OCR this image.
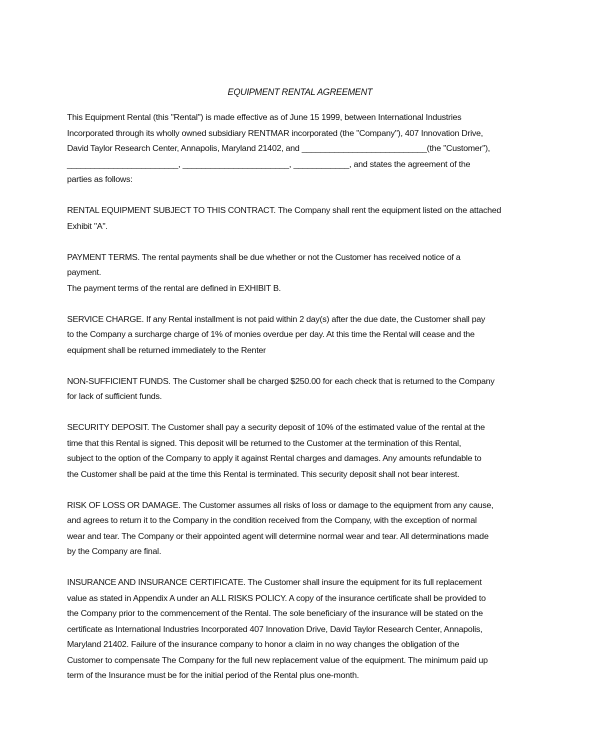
EQUIPMENT RENTAL AGREEMENT
This Equipment Rental (this "Rental") is made effective as of June 15 1999, between International Industries
Incorporated through its wholly owned subsidiary RENTMAR incorporated (the "Company"), 407 Innovation Drive,
David Taylor Research Center, Annapolis, Maryland 21402, and ___________________________(the "Customer"),
________________________, _______________________, ____________, and states the agreement of the
parties as follows:
RENTAL EQUIPMENT SUBJECT TO THIS CONTRACT. The Company shall rent the equipment listed on the attached
Exhibit "A".
PAYMENT TERMS. The rental payments shall be due whether or not the Customer has received notice of a
payment.
The payment terms of the rental are defined in EXHIBIT B.
SERVICE CHARGE. If any Rental installment is not paid within 2 day(s) after the due date, the Customer shall pay
to the Company a surcharge charge of 1% of monies overdue per day. At this time the Rental will cease and the
equipment shall be returned immediately to the Renter
NON-SUFFICIENT FUNDS. The Customer shall be charged $250.00 for each check that is returned to the Company
for lack of sufficient funds.
SECURITY DEPOSIT. The Customer shall pay a security deposit of 10% of the estimated value of the rental at the
time that this Rental is signed. This deposit will be returned to the Customer at the termination of this Rental,
subject to the option of the Company to apply it against Rental charges and damages. Any amounts refundable to
the Customer shall be paid at the time this Rental is terminated. This security deposit shall not bear interest.
RISK OF LOSS OR DAMAGE. The Customer assumes all risks of loss or damage to the equipment from any cause,
and agrees to return it to the Company in the condition received from the Company, with the exception of normal
wear and tear. The Company or their appointed agent will determine normal wear and tear. All determinations made
by the Company are final.
INSURANCE AND INSURANCE CERTIFICATE. The Customer shall insure the equipment for its full replacement
value as stated in Appendix A under an ALL RISKS POLICY. A copy of the insurance certificate shall be provided to
the Company prior to the commencement of the Rental. The sole beneficiary of the insurance will be stated on the
certificate as International Industries Incorporated 407 Innovation Drive, David Taylor Research Center, Annapolis,
Maryland 21402. Failure of the insurance company to honor a claim in no way changes the obligation of the
Customer to compensate The Company for the full new replacement value of the equipment. The minimum paid up
term of the Insurance must be for the initial period of the Rental plus one-month.
